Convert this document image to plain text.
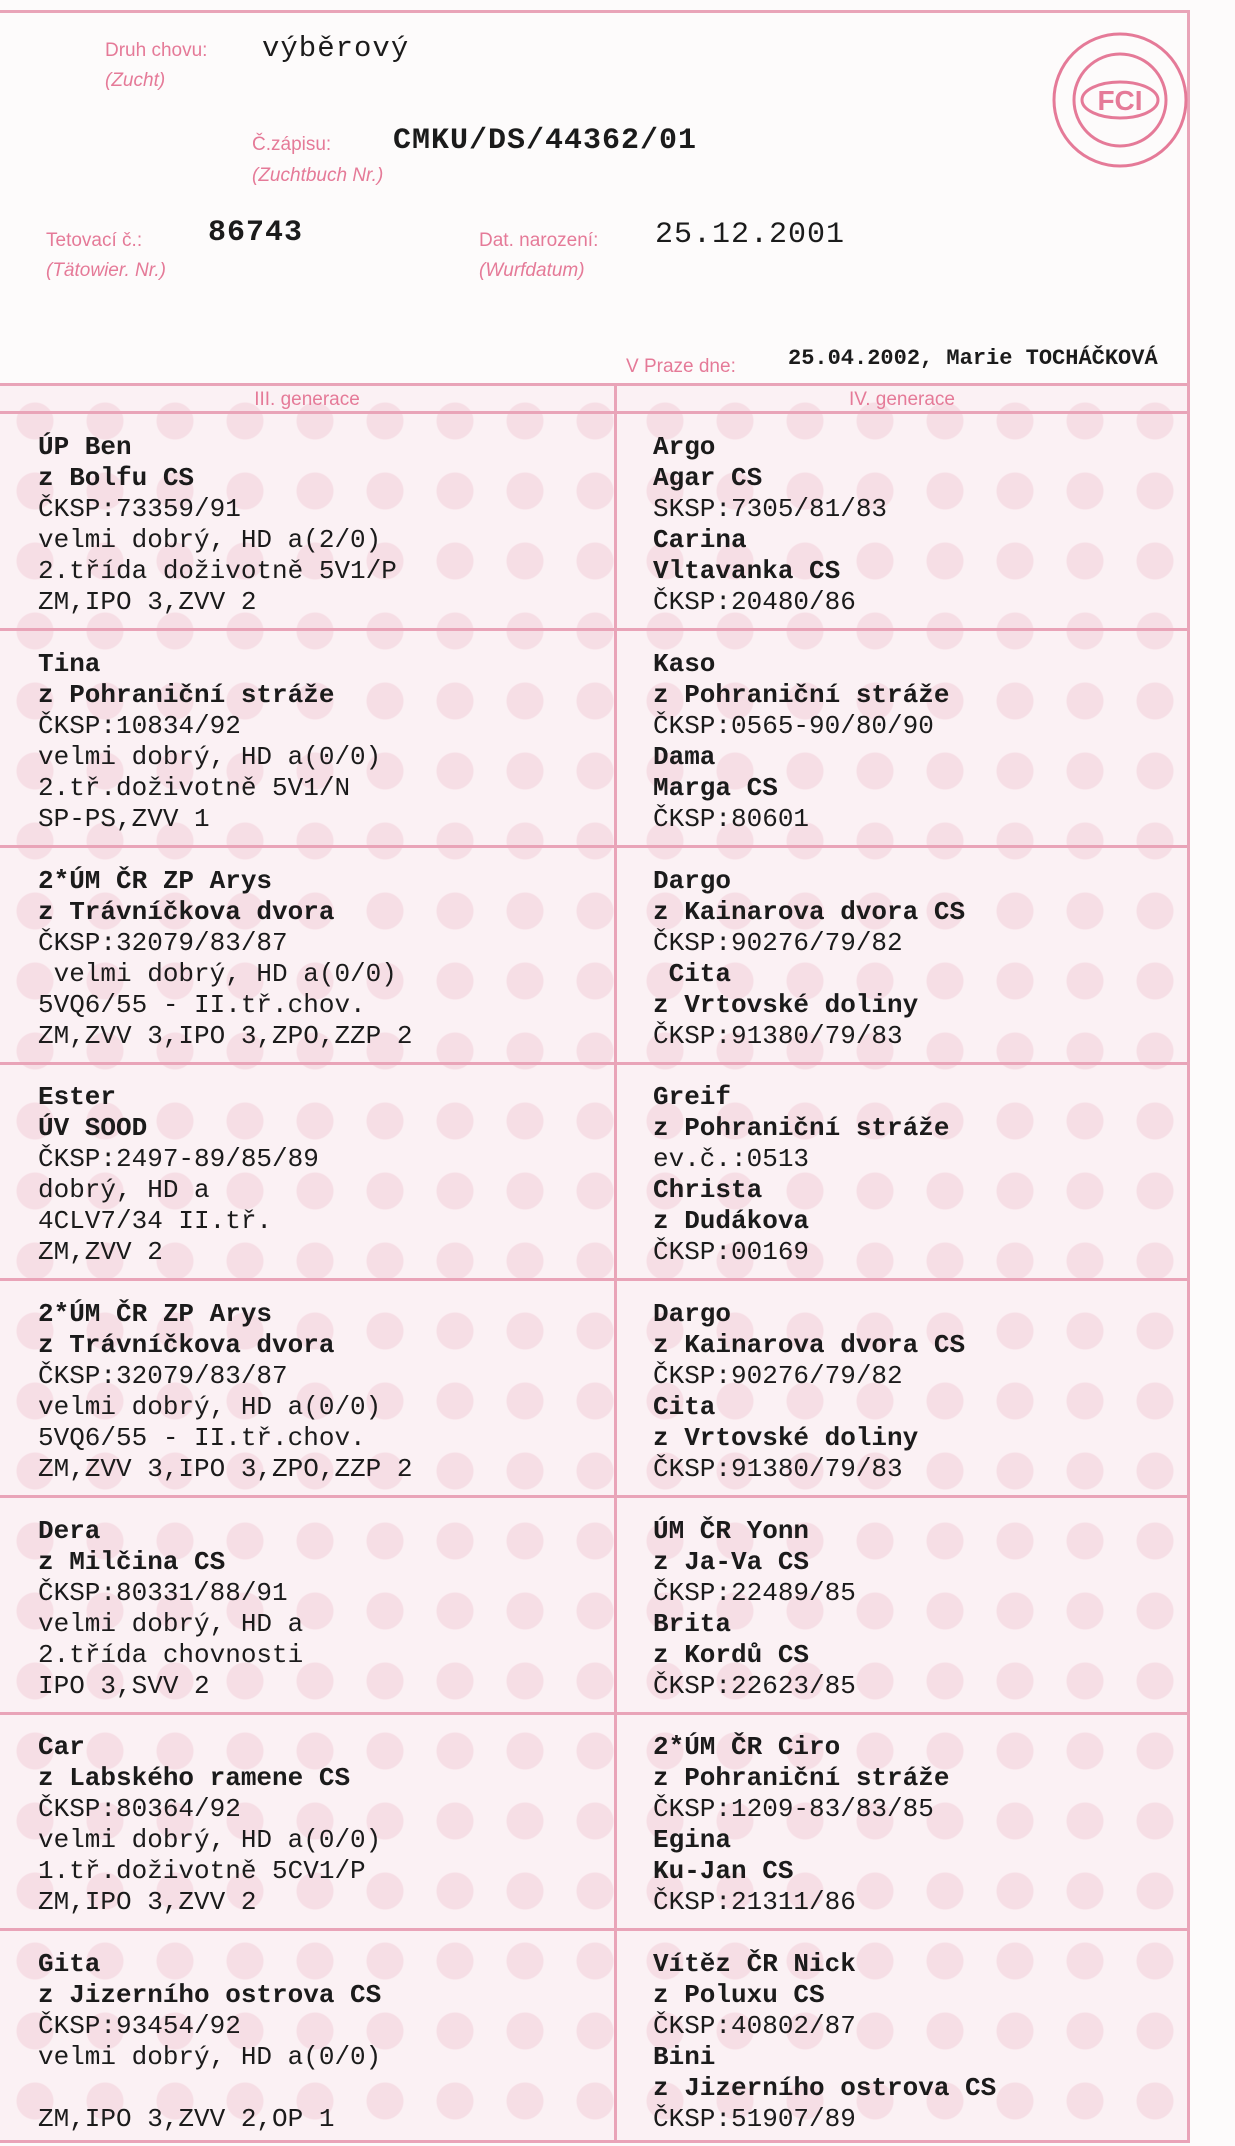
Druh chovu:
(Zucht)
výběrový
Č.zápisu:
(Zuchtbuch Nr.)
CMKU/DS/44362/01
Tetovací č.:
(Tätowier. Nr.)
86743	Dat. narození:
(Wurfdatum)
25.12.2001
V Praze dne: 25.04.2002, Marie TOCHÁČKOVÁ
FCI
III. generace	IV. generace
ÚP Ben
z Bolfu CS
ČKSP:73359/91
velmi dobrý, HD a(2/0)
2.třída doživotně 5V1/P
ZM,IPO 3,ZVV 2
Argo
Agar CS
SKSP:7305/81/83
Carina
Vltavanka CS
ČKSP:20480/86
Tina
z Pohraniční stráže
ČKSP:10834/92
velmi dobrý, HD a(0/0)
2.tř.doživotně 5V1/N
SP-PS,ZVV 1
Kaso
z Pohraniční stráže
ČKSP:0565-90/80/90
Dama
Marga CS
ČKSP:80601
2*ÚM ČR ZP Arys
z Trávníčkova dvora
ČKSP:32079/83/87
velmi dobrý, HD a(0/0)
5VQ6/55 - II.tř.chov.
ZM,ZVV 3,IPO 3,ZPO,ZZP 2
Dargo
z Kainarova dvora CS
ČKSP:90276/79/82
Cita
z Vrtovské doliny
ČKSP:91380/79/83
Ester
ÚV SOOD
ČKSP:2497-89/85/89
dobrý, HD a
4CLV7/34 II.tř.
ZM,ZVV 2
Greif
z Pohraniční stráže
ev.č.:0513
Christa
z Dudákova
ČKSP:00169
2*ÚM ČR ZP Arys
z Trávníčkova dvora
ČKSP:32079/83/87
velmi dobrý, HD a(0/0)
5VQ6/55 - II.tř.chov.
ZM,ZVV 3,IPO 3,ZPO,ZZP 2
Dargo
z Kainarova dvora CS
ČKSP:90276/79/82
Cita
z Vrtovské doliny
ČKSP:91380/79/83
Dera
z Milčina CS
ČKSP:80331/88/91
velmi dobrý, HD a
2.třída chovnosti
IPO 3,SVV 2
ÚM ČR Yonn
z Ja-Va CS
ČKSP:22489/85
Brita
z Kordů CS
ČKSP:22623/85
Car
z Labského ramene CS
ČKSP:80364/92
velmi dobrý, HD a(0/0)
1.tř.doživotně 5CV1/P
ZM,IPO 3,ZVV 2
2*ÚM ČR Ciro
z Pohraniční stráže
ČKSP:1209-83/83/85
Egina
Ku-Jan CS
ČKSP:21311/86
Gita
z Jizerního ostrova CS
ČKSP:93454/92
velmi dobrý, HD a(0/0)

ZM,IPO 3,ZVV 2,OP 1
Vítěz ČR Nick
z Poluxu CS
ČKSP:40802/87
Bini
z Jizerního ostrova CS
ČKSP:51907/89
